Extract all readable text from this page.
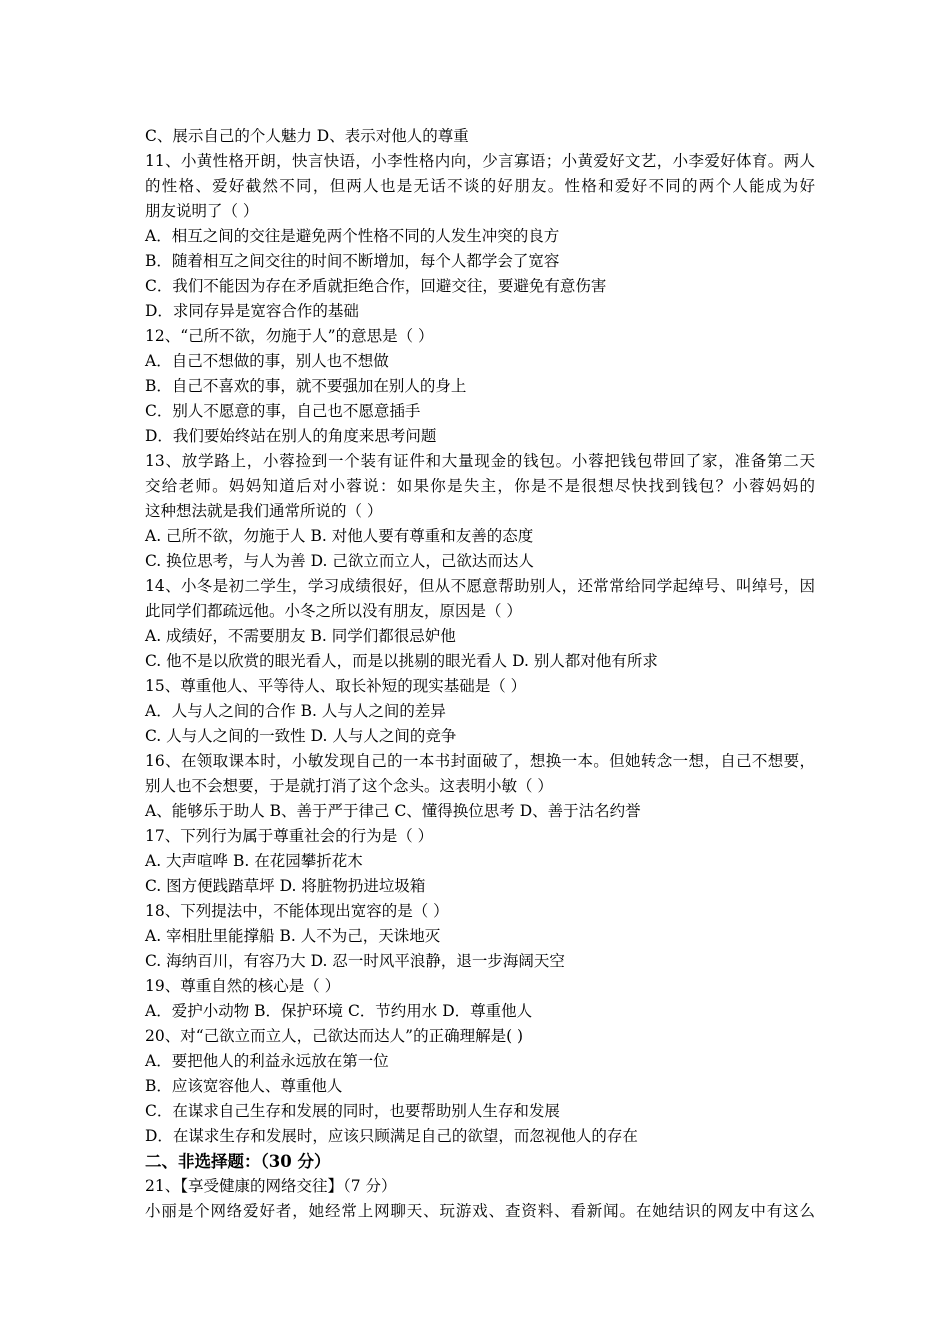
C、展示自己的个人魅力 D、表示对他人的尊重
11、小黄性格开朗，快言快语，小李性格内向，少言寡语；小黄爱好文艺，小李爱好体育。两人
的性格、爱好截然不同，但两人也是无话不谈的好朋友。性格和爱好不同的两个人能成为好
朋友说明了（ ）
A．相互之间的交往是避免两个性格不同的人发生冲突的良方
B．随着相互之间交往的时间不断增加，每个人都学会了宽容
C．我们不能因为存在矛盾就拒绝合作，回避交往，要避免有意伤害
D．求同存异是宽容合作的基础
12、“己所不欲，勿施于人”的意思是（ ）
A．自己不想做的事，别人也不想做
B．自己不喜欢的事，就不要强加在别人的身上
C．别人不愿意的事，自己也不愿意插手
D．我们要始终站在别人的角度来思考问题
13、放学路上，小蓉捡到一个装有证件和大量现金的钱包。小蓉把钱包带回了家，准备第二天
交给老师。妈妈知道后对小蓉说：如果你是失主，你是不是很想尽快找到钱包？小蓉妈妈的
这种想法就是我们通常所说的（ ）
A. 己所不欲，勿施于人 B. 对他人要有尊重和友善的态度
C. 换位思考，与人为善 D. 己欲立而立人，己欲达而达人
14、小冬是初二学生，学习成绩很好，但从不愿意帮助别人，还常常给同学起绰号、叫绰号，因
此同学们都疏远他。小冬之所以没有朋友，原因是（ ）
A. 成绩好，不需要朋友 B. 同学们都很忌妒他
C. 他不是以欣赏的眼光看人，而是以挑剔的眼光看人 D. 别人都对他有所求
15、尊重他人、平等待人、取长补短的现实基础是（ ）
A．人与人之间的合作 B. 人与人之间的差异
C. 人与人之间的一致性 D. 人与人之间的竞争
16、在领取课本时，小敏发现自己的一本书封面破了，想换一本。但她转念一想，自己不想要，
别人也不会想要，于是就打消了这个念头。这表明小敏（ ）
A、能够乐于助人 B、善于严于律己 C、懂得换位思考 D、善于沽名约誉
17、下列行为属于尊重社会的行为是（ ）
A. 大声喧哗 B. 在花园攀折花木
C. 图方便践踏草坪 D. 将脏物扔进垃圾箱
18、下列提法中，不能体现出宽容的是（ ）
A. 宰相肚里能撑船 B. 人不为己，天诛地灭
C. 海纳百川，有容乃大 D. 忍一时风平浪静，退一步海阔天空
19、尊重自然的核心是（ ）
A．爱护小动物 B．保护环境 C．节约用水 D．尊重他人
20、对“己欲立而立人，己欲达而达人”的正确理解是( )
A．要把他人的利益永远放在第一位
B．应该宽容他人、尊重他人
C．在谋求自己生存和发展的同时，也要帮助别人生存和发展
D．在谋求生存和发展时，应该只顾满足自己的欲望，而忽视他人的存在
二、非选择题：（30 分）
21、【享受健康的网络交往】（7 分）
小丽是个网络爱好者，她经常上网聊天、玩游戏、查资料、看新闻。在她结识的网友中有这么
